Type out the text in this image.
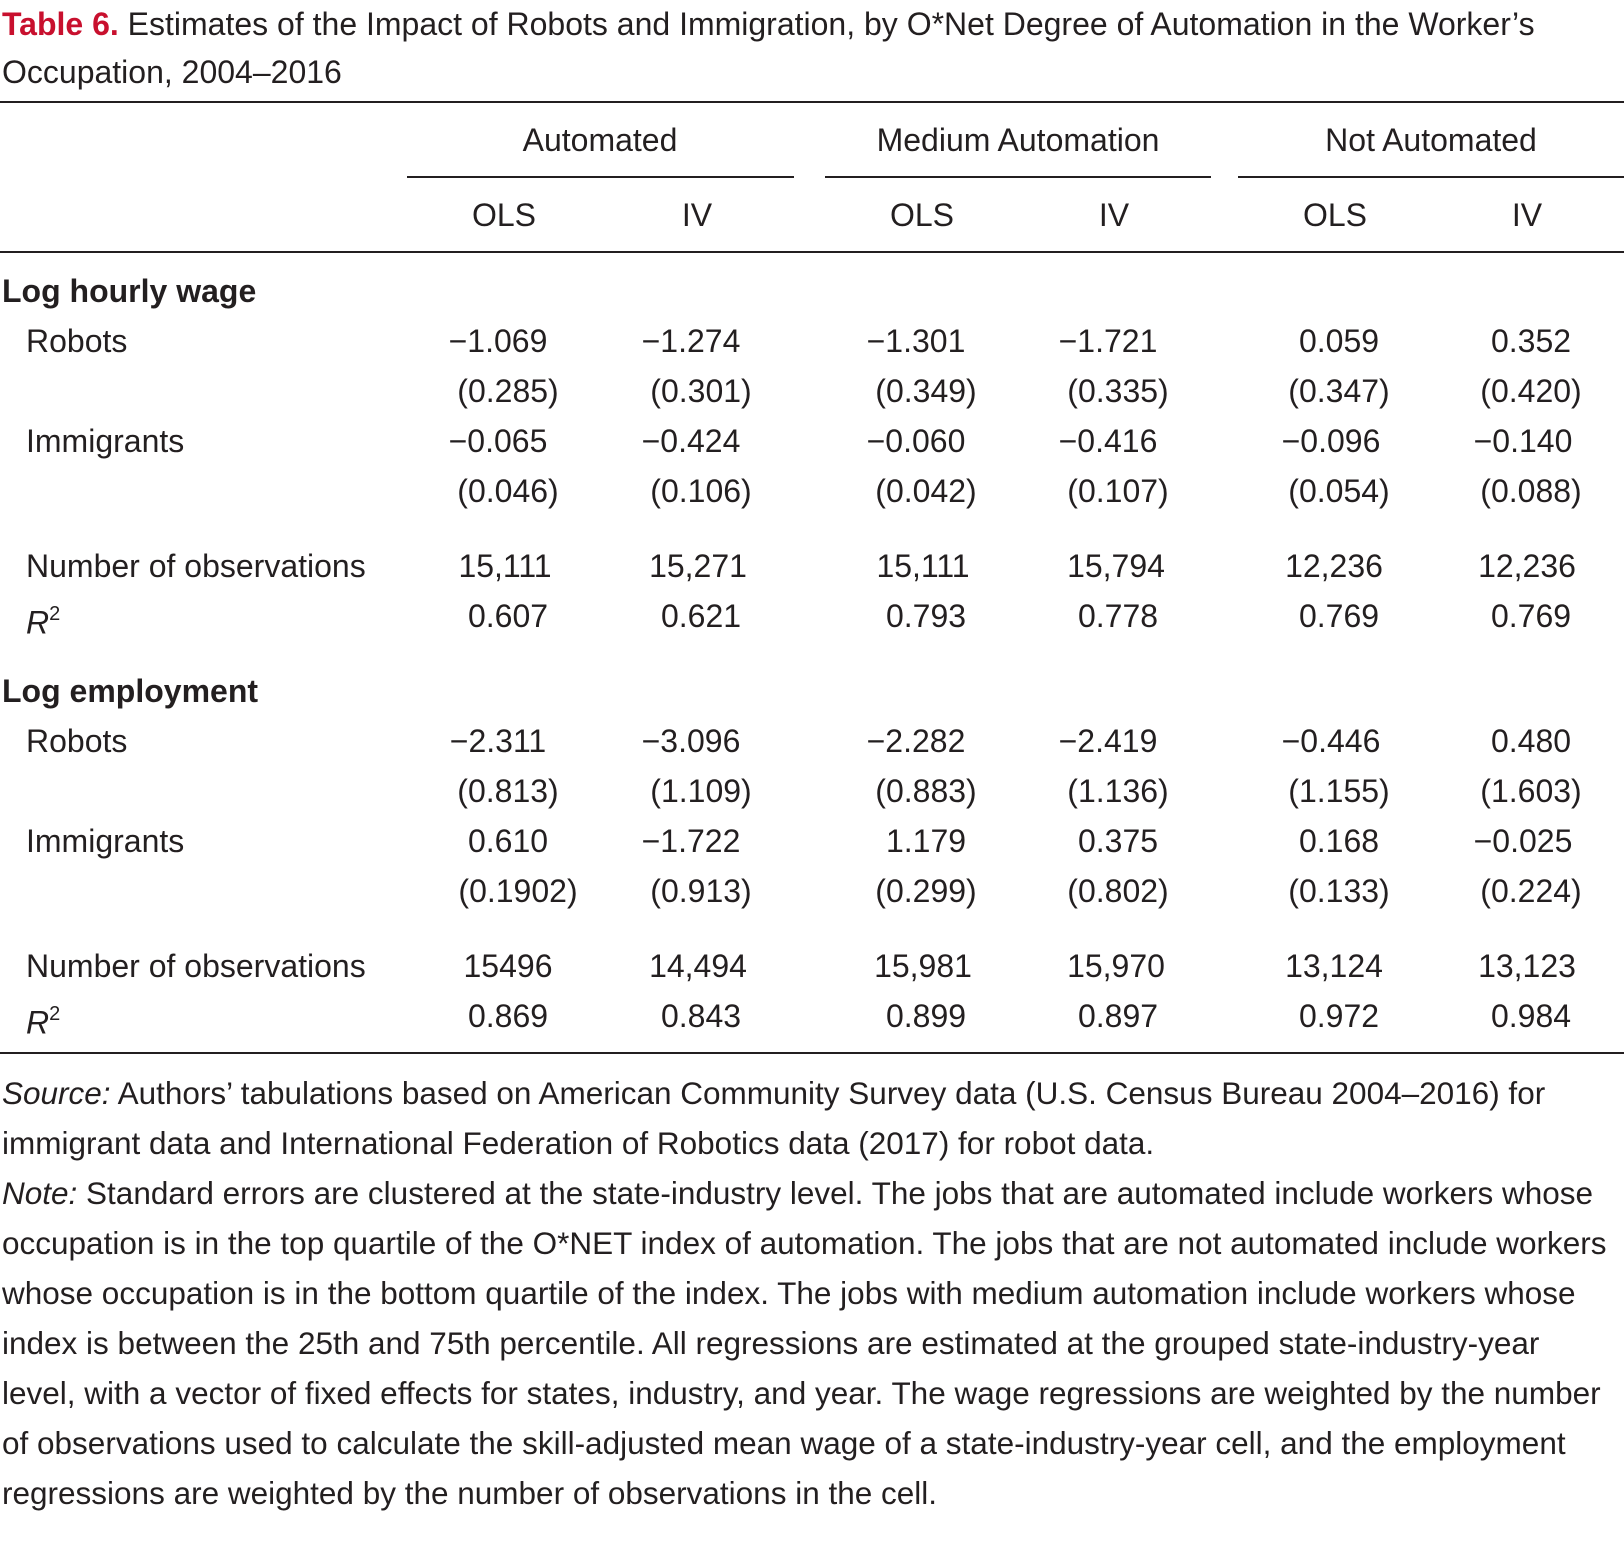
Table 6. Estimates of the Impact of Robots and Immigration, by O*Net Degree of Automation in the Worker’s Occupation, 2004–2016
Automated	Medium Automation	Not Automated
OLS	IV	OLS	IV	OLS	IV
Log hourly wage
Robots	−1.069	−1.274	−1.301	−1.721	0.059	0.352
(0.285)	(0.301)	(0.349)	(0.335)	(0.347)	(0.420)
Immigrants	−0.065	−0.424	−0.060	−0.416	−0.096	−0.140
(0.046)	(0.106)	(0.042)	(0.107)	(0.054)	(0.088)
Number of observations	15,111	15,271	15,111	15,794	12,236	12,236
$R^2$	0.607	0.621	0.793	0.778	0.769	0.769
Log employment
Robots	−2.311	−3.096	−2.282	−2.419	−0.446	0.480
(0.813)	(1.109)	(0.883)	(1.136)	(1.155)	(1.603)
Immigrants	0.610	−1.722	1.179	0.375	0.168	−0.025
(0.1902) (0.913)	(0.299)	(0.802)	(0.133)	(0.224)
Number of observations	15496	14,494	15,981	15,970	13,124	13,123
$R^2$	0.869	0.843	0.899	0.897	0.972	0.984
Source: Authors’ tabulations based on American Community Survey data (U.S. Census Bureau 2004–2016) for immigrant data and International Federation of Robotics data (2017) for robot data.
Note: Standard errors are clustered at the state-industry level. The jobs that are automated include workers whose occupation is in the top quartile of the O*NET index of automation. The jobs that are not automated include workers whose occupation is in the bottom quartile of the index. The jobs with medium automation include workers whose index is between the 25th and 75th percentile. All regressions are estimated at the grouped state-industry-year level, with a vector of fixed effects for states, industry, and year. The wage regressions are weighted by the number of observations used to calculate the skill-adjusted mean wage of a state-industry-year cell, and the employment regressions are weighted by the number of observations in the cell.
